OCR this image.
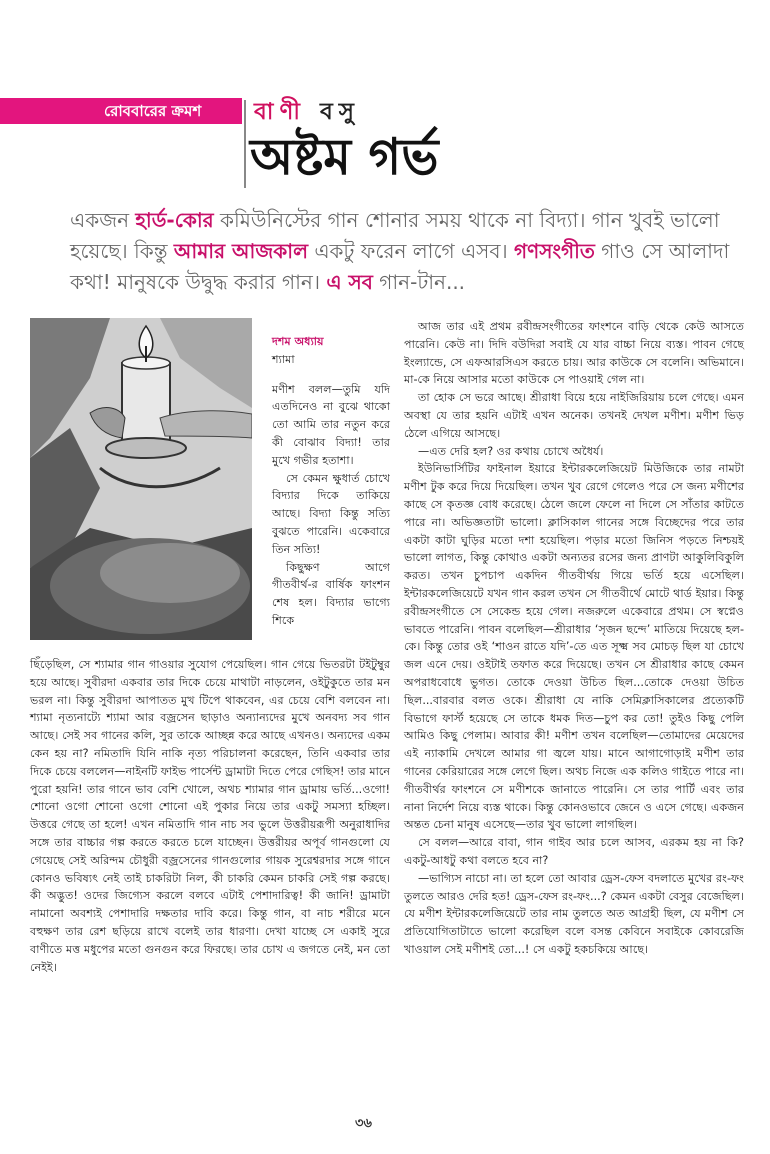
রোববারের ক্রমশ বাণী বসু
অষ্টম গর্ভ
একজন হার্ড-কোর কমিউনিস্টের গান শোনার সময় থাকে না বিদ্যা। গান খুবই ভালো হয়েছে। কিন্তু আমার আজকাল একটু ফরেন লাগে এসব। গণসংগীত গাও সে আলাদা কথা! মানুষকে উদ্বুদ্ধ করার গান। এ সব গান-টান...

দশম অধ্যায়

শ্যামা

মণীশ বলল—তুমি যদি এতদিনেও না বুঝে থাকো তো আমি তার নতুন করে কী বোঝাব বিদ্যা! তার মুখে গভীর হতাশা।

সে কেমন ক্ষুধার্ত চোখে বিদ্যার দিকে তাকিয়ে আছে। বিদ্যা কিন্তু সত্যি বুঝতে পারেনি। একেবারে তিন সত্যি!

কিছুক্ষণ আগে গীতবীর্থ-র বার্ষিক ফাংশন শেষ হল। বিদ্যার ভাগ্যে শিকে

ছিঁড়েছিল, সে শ্যামার গান গাওয়ার সুযোগ পেয়েছিল। গান গেয়ে ভিতরটা টইটুম্বুর হয়ে আছে। সুবীরদা একবার তার দিকে চেয়ে মাথাটা নাড়লেন, ওইটুকুতে তার মন ভরল না। কিন্তু সুবীরদা আপাতত মুখ টিপে থাকবেন, এর চেয়ে বেশি বলবেন না। শ্যামা নৃত্যনাট্যে শ্যামা আর বজ্রসেন ছাড়াও অন্যান্যদের মুখে অনবদ্য সব গান আছে। সেই সব গানের কলি, সুর তাকে আচ্ছন্ন করে আছে এখনও। অন্যদের একম কেন হয় না? নমিতাদি যিনি নাকি নৃত্য পরিচালনা করেছেন, তিনি একবার তার দিকে চেয়ে বললেন—নাইনটি ফাইভ পার্সেন্ট ড্রামাটা দিতে পেরে গেছিস! তার মানে পুরো হয়নি! তার গানে ভাব বেশি খোলে, অথচ শ্যামার গান ড্রামায় ভর্তি...ওগো! শোনো ওগো শোনো ওগো শোনো এই পুকার নিয়ে তার একটু সমস্যা হচ্ছিল। উত্তরে গেছে তা হলে! এখন নমিতাদি গান নাচ সব ভুলে উত্তরীয়রূপী অনুরাধাদির সঙ্গে তার বাচ্চার গল্প করতে করতে চলে যাচ্ছেন। উত্তরীয়র অপূর্ব গানগুলো যে গেয়েছে সেই অরিন্দম চৌধুরী বজ্রসেনের গানগুলোর গায়ক সুরেশ্বরদার সঙ্গে গানে কোনও ভবিষ্যৎ নেই তাই চাকরিটা নিল, কী চাকরি কেমন চাকরি সেই গল্প করছে। কী অদ্ভুত! ওদের জিগ্যেস করলে বলবে এটাই পেশাদারিত্ব! কী জানি! ড্রামাটা নামানো অবশ্যই পেশাদারি দক্ষতার দাবি করে। কিন্তু গান, বা নাচ শরীরে মনে বহুক্ষণ তার রেশ ছড়িয়ে রাখে বলেই তার ধারণা। দেখা যাচ্ছে সে একাই সুরে বাণীতে মত্ত মধুপের মতো গুনগুন করে ফিরছে। তার চোখ এ জগতে নেই, মন তো নেইই।

আজ তার এই প্রথম রবীন্দ্রসংগীতের ফাংশনে বাড়ি থেকে কেউ আসতে পারেনি। কেউ না। দিদি বউদিরা সবাই যে যার বাচ্চা নিয়ে ব্যস্ত। পাবন গেছে ইংল্যান্ডে, সে এফআরসিএস করতে চায়। আর কাউকে সে বলেনি। অভিমানে। মা-কে নিয়ে আসার মতো কাউকে সে পাওয়াই গেল না।

তা হোক সে ভরে আছে। শ্রীরাধা বিয়ে হয়ে নাইজিরিয়ায় চলে গেছে। এমন অবস্থা যে তার হয়নি এটাই এখন অনেক। তখনই দেখল মণীশ। মণীশ ভিড় ঠেলে এগিয়ে আসছে।

—এত দেরি হল? ওর কথায় চোখে অধৈর্য।

ইউনিভার্সিটির ফাইনাল ইয়ারে ইন্টারকলেজিয়েট মিউজিকে তার নামটা মণীশ টুক করে দিয়ে দিয়েছিল। তখন খুব রেগে গেলেও পরে সে জন্য মণীশের কাছে সে কৃতজ্ঞ বোধ করেছে। ঠেলে জলে ফেলে না দিলে সে সাঁতার কাটতে পারে না। অভিজ্ঞতাটা ভালো। ক্লাসিকাল গানের সঙ্গে বিচ্ছেদের পরে তার একটা কাটা ঘুড়ির মতো দশা হয়েছিল। পড়ার মতো জিনিস পড়তে নিশ্চয়ই ভালো লাগত, কিন্তু কোথাও একটা অন্যতর রসের জন্য প্রাণটা আকুলিবিকুলি করত। তখন চুপচাপ একদিন গীতবীর্থয় গিয়ে ভর্তি হয়ে এসেছিল। ইন্টারকলেজিয়েটে যখন গান করল তখন সে গীতবীর্থে মোটে থার্ড ইয়ার। কিন্তু রবীন্দ্রসংগীতে সে সেকেন্ড হয়ে গেল। নজরুলে একেবারে প্রথম। সে স্বপ্নেও ভাবতে পারেনি। পাবন বলেছিল—শ্রীরাধার ‘সৃজন ছন্দে’ মাতিয়ে দিয়েছে হল-কে। কিন্তু তোর ওই ‘শাওন রাতে যদি’-তে এত সূক্ষ্ম সব মোচড় ছিল যা চোখে জল এনে দেয়। ওইটাই তফাত করে দিয়েছে। তখন সে শ্রীরাধার কাছে কেমন অপরাধবোধে ভুগত। তোকে দেওয়া উচিত ছিল...তোকে দেওয়া উচিত ছিল...বারবার বলত ওকে। শ্রীরাধা যে নাকি সেমিক্লাসিকালের প্রত্যেকটি বিভাগে ফার্স্ট হয়েছে সে তাকে ধমক দিত—চুপ কর তো! তুইও কিছু পেলি আমিও কিছু পেলাম। আবার কী! মণীশ তখন বলেছিল—তোমাদের মেয়েদের এই ন্যাকামি দেখলে আমার গা জ্বলে যায়। মানে আগাগোড়াই মণীশ তার গানের কেরিয়ারের সঙ্গে লেগে ছিল। অথচ নিজে এক কলিও গাইতে পারে না। গীতবীর্থর ফাংশনে সে মণীশকে জানাতে পারেনি। সে তার পার্টি এবং তার নানা নির্দেশ নিয়ে ব্যস্ত থাকে। কিন্তু কোনওভাবে জেনে ও এসে গেছে। একজন অন্তত চেনা মানুষ এসেছে—তার খুব ভালো লাগছিল।

সে বলল—আরে বাবা, গান গাইব আর চলে আসব, এরকম হয় না কি? একটু-আধটু কথা বলতে হবে না?

—ভাগ্যিস নাচো না। তা হলে তো আবার ড্রেস-ফেস বদলাতে মুখের রং-ফং তুলতে আরও দেরি হত! ড্রেস-ফেস রং-ফং...? কেমন একটা বেসুর বেজেছিল। যে মণীশ ইন্টারকলেজিয়েটে তার নাম তুলতে অত আগ্রহী ছিল, যে মণীশ সে প্রতিযোগিতাটাতে ভালো করেছিল বলে বসন্ত কেবিনে সবাইকে কোবরেজি খাওয়াল সেই মণীশই তো...! সে একটু হকচকিয়ে আছে।

৩৬
